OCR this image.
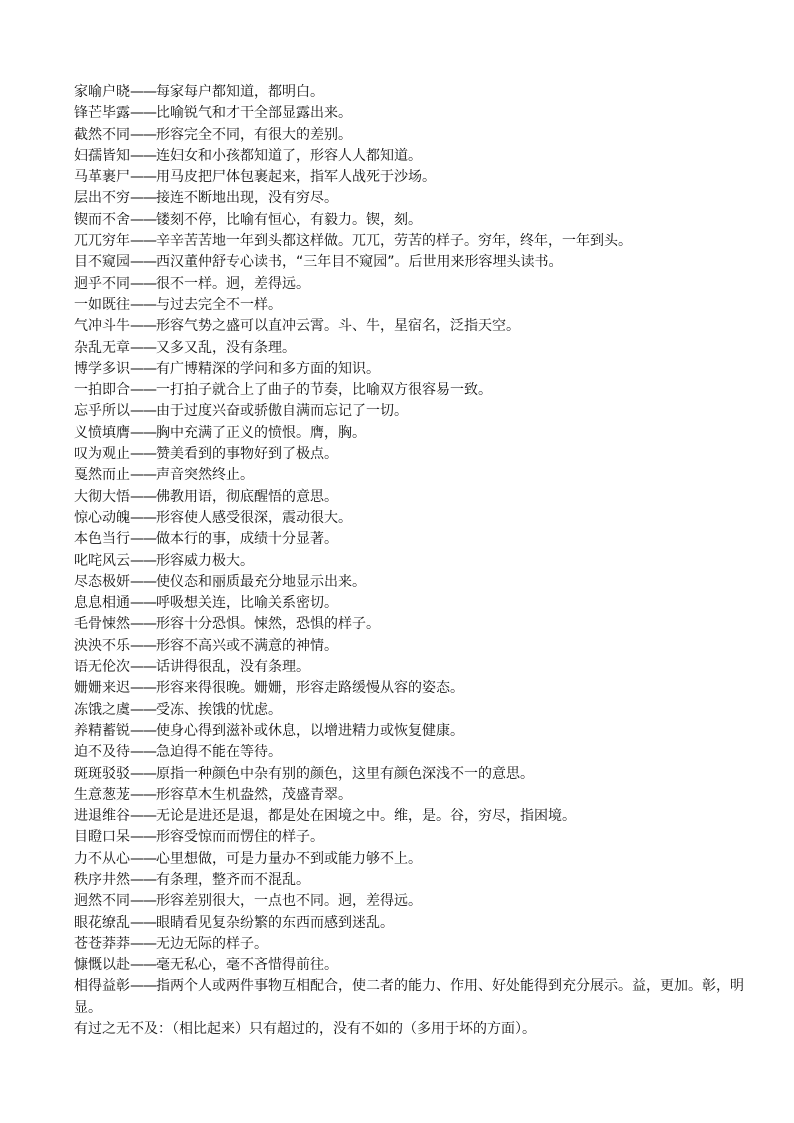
家喻户晓——每家每户都知道，都明白。
锋芒毕露——比喻锐气和才干全部显露出来。
截然不同——形容完全不同，有很大的差别。
妇孺皆知——连妇女和小孩都知道了，形容人人都知道。
马革裹尸——用马皮把尸体包裹起来，指军人战死于沙场。
层出不穷——接连不断地出现，没有穷尽。
锲而不舍——镂刻不停，比喻有恒心，有毅力。锲，刻。
兀兀穷年——辛辛苦苦地一年到头都这样做。兀兀，劳苦的样子。穷年，终年，一年到头。
目不窥园——西汉董仲舒专心读书，“三年目不窥园”。后世用来形容埋头读书。
迥乎不同——很不一样。迥，差得远。
一如既往——与过去完全不一样。
气冲斗牛——形容气势之盛可以直冲云霄。斗、牛，星宿名，泛指天空。
杂乱无章——又多又乱，没有条理。
博学多识——有广博精深的学问和多方面的知识。
一拍即合——一打拍子就合上了曲子的节奏，比喻双方很容易一致。
忘乎所以——由于过度兴奋或骄傲自满而忘记了一切。
义愤填膺——胸中充满了正义的愤恨。膺，胸。
叹为观止——赞美看到的事物好到了极点。
戛然而止——声音突然终止。
大彻大悟——佛教用语，彻底醒悟的意思。
惊心动魄——形容使人感受很深，震动很大。
本色当行——做本行的事，成绩十分显著。
叱咤风云——形容威力极大。
尽态极妍——使仪态和丽质最充分地显示出来。
息息相通——呼吸想关连，比喻关系密切。
毛骨悚然——形容十分恐惧。悚然，恐惧的样子。
泱泱不乐——形容不高兴或不满意的神情。
语无伦次——话讲得很乱，没有条理。
姗姗来迟——形容来得很晚。姗姗，形容走路缓慢从容的姿态。
冻饿之虞——受冻、挨饿的忧虑。
养精蓄锐——使身心得到滋补或休息，以增进精力或恢复健康。
迫不及待——急迫得不能在等待。
斑斑驳驳——原指一种颜色中杂有别的颜色，这里有颜色深浅不一的意思。
生意葱茏——形容草木生机盎然，茂盛青翠。
进退维谷——无论是进还是退，都是处在困境之中。维，是。谷，穷尽，指困境。
目瞪口呆——形容受惊而而愣住的样子。
力不从心——心里想做，可是力量办不到或能力够不上。
秩序井然——有条理，整齐而不混乱。
迥然不同——形容差别很大，一点也不同。迥，差得远。
眼花缭乱——眼睛看见复杂纷繁的东西而感到迷乱。
苍苍莽莽——无边无际的样子。
慷慨以赴——毫无私心，毫不吝惜得前往。
相得益彰——指两个人或两件事物互相配合，使二者的能力、作用、好处能得到充分展示。益，更加。彰，明显。
有过之无不及：（相比起来）只有超过的，没有不如的（多用于坏的方面）。
